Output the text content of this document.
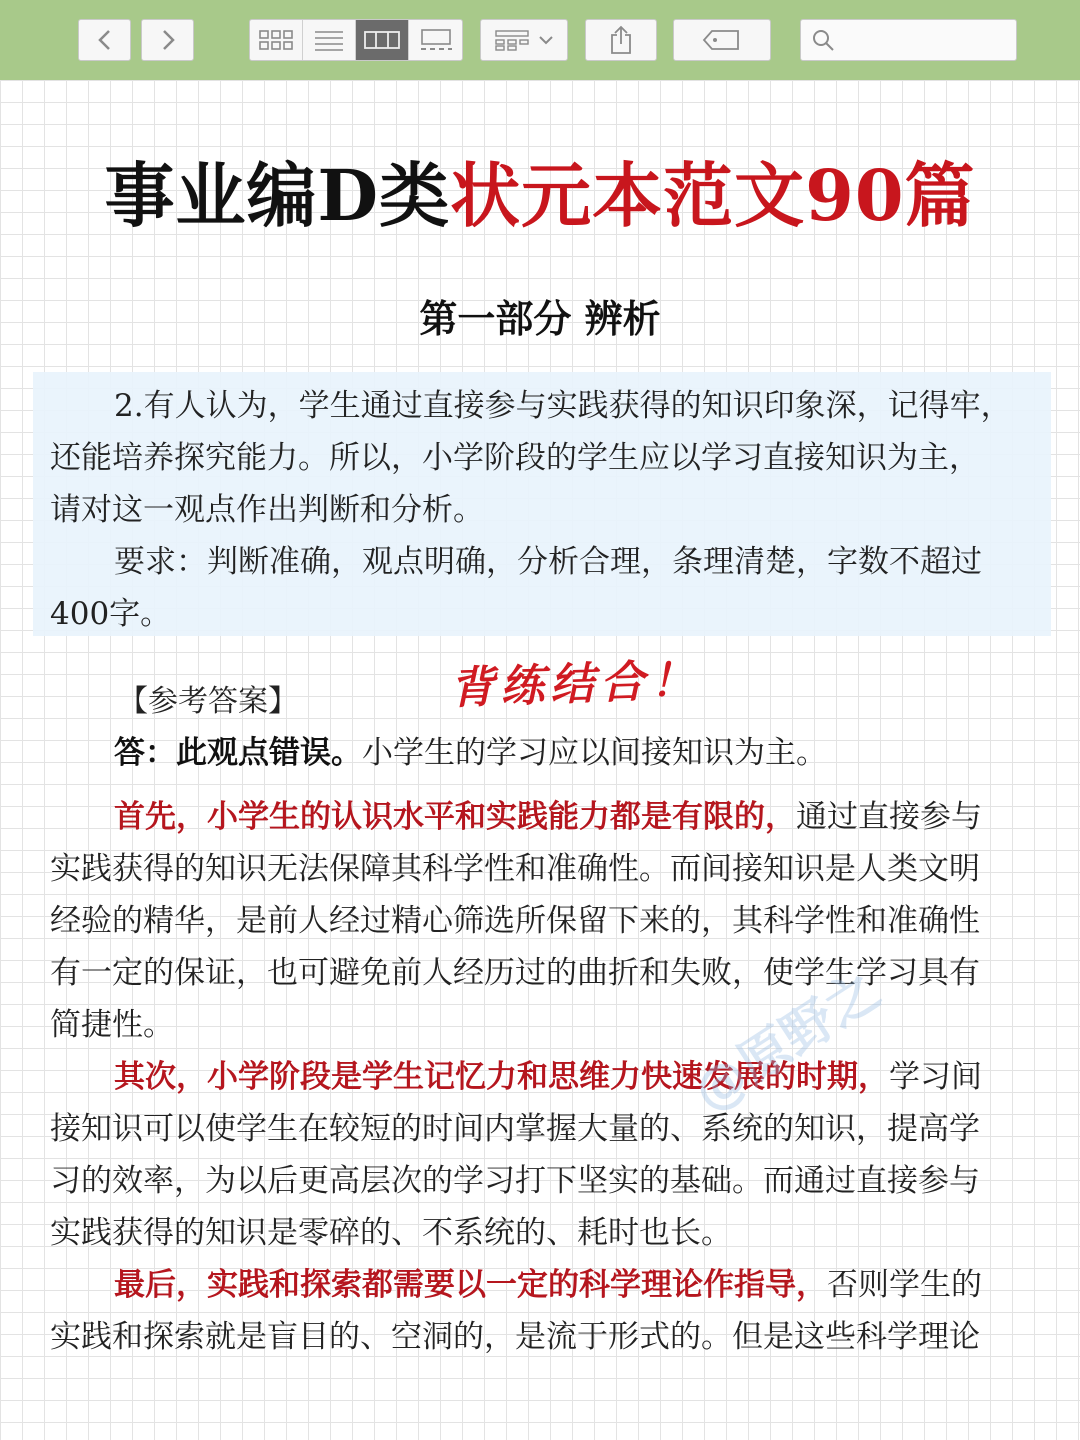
事业编D类状元本范文90篇
第一部分 辨析
2.有人认为，学生通过直接参与实践获得的知识印象深，记得牢，
还能培养探究能力。所以，小学阶段的学生应以学习直接知识为主，
请对这一观点作出判断和分析。
要求：判断准确，观点明确，分析合理，条理清楚，字数不超过
400字。
背练结合！
【参考答案】
答：此观点错误。小学生的学习应以间接知识为主。
首先，小学生的认识水平和实践能力都是有限的，通过直接参与
实践获得的知识无法保障其科学性和准确性。而间接知识是人类文明
经验的精华，是前人经过精心筛选所保留下来的，其科学性和准确性
有一定的保证，也可避免前人经历过的曲折和失败，使学生学习具有
简捷性。
其次，小学阶段是学生记忆力和思维力快速发展的时期，学习间
接知识可以使学生在较短的时间内掌握大量的、系统的知识，提高学
习的效率，为以后更高层次的学习打下坚实的基础。而通过直接参与
实践获得的知识是零碎的、不系统的、耗时也长。
最后，实践和探索都需要以一定的科学理论作指导，否则学生的
实践和探索就是盲目的、空洞的，是流于形式的。但是这些科学理论
@原野之
